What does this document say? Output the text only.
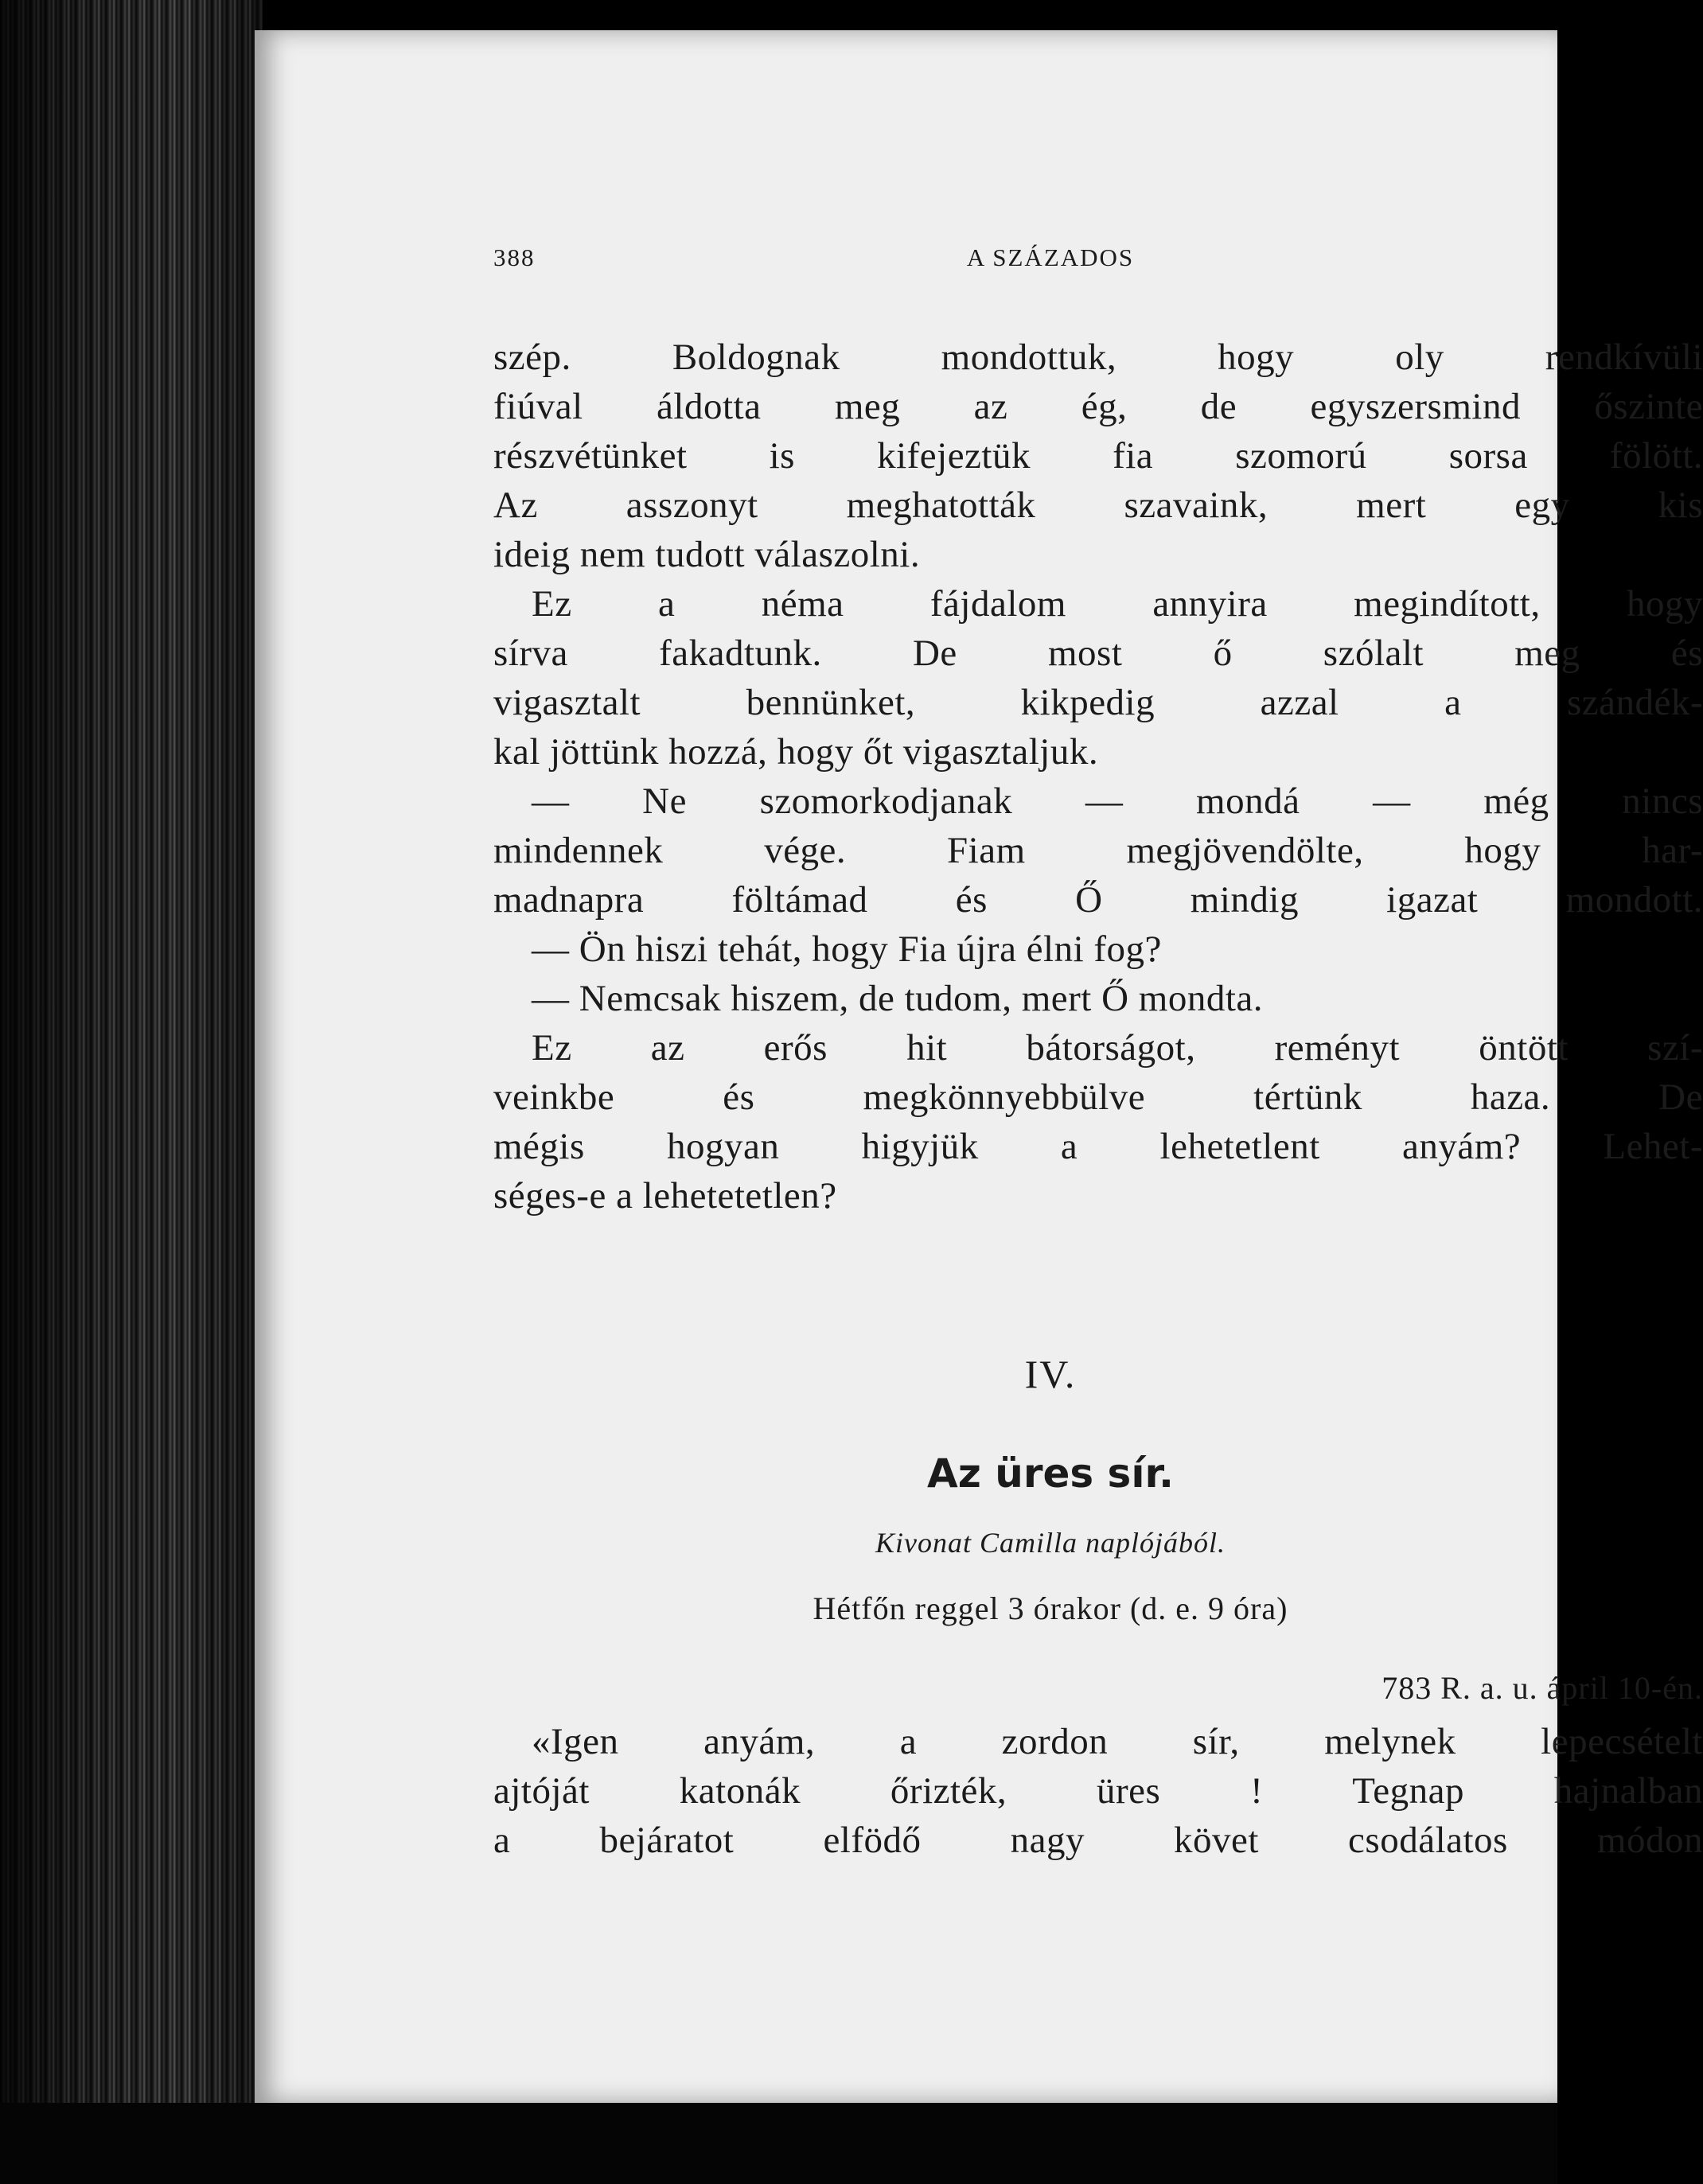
388	A SZÁZADOS
szép. Boldognak mondottuk, hogy oly rendkívüli
fiúval áldotta meg az ég, de egyszersmind őszinte
részvétünket is kifejeztük fia szomorú sorsa fölött.
Az asszonyt meghatották szavaink, mert egy kis
ideig nem tudott válaszolni.
Ez a néma fájdalom annyira megindított, hogy
sírva fakadtunk. De most ő szólalt meg és
vigasztalt bennünket, kikpedig azzal a szándék-
kal jöttünk hozzá, hogy őt vigasztaljuk.
— Ne szomorkodjanak — mondá — még nincs
mindennek vége. Fiam megjövendölte, hogy har-
madnapra föltámad és Ő mindig igazat mondott.
— Ön hiszi tehát, hogy Fia újra élni fog?
— Nemcsak hiszem, de tudom, mert Ő mondta.
Ez az erős hit bátorságot, reményt öntött szí-
veinkbe és megkönnyebbülve tértünk haza. De
mégis hogyan higyjük a lehetetlent anyám? Lehet-
séges-e a lehetetetlen?
IV.
Az üres sír.
Kivonat Camilla naplójából.
Hétfőn reggel 3 órakor (d. e. 9 óra)
783 R. a. u. ápril 10-én.
«Igen anyám, a zordon sír, melynek lepecsételt
ajtóját katonák őrizték, üres ! Tegnap hajnalban
a bejáratot elfödő nagy követ csodálatos módon
